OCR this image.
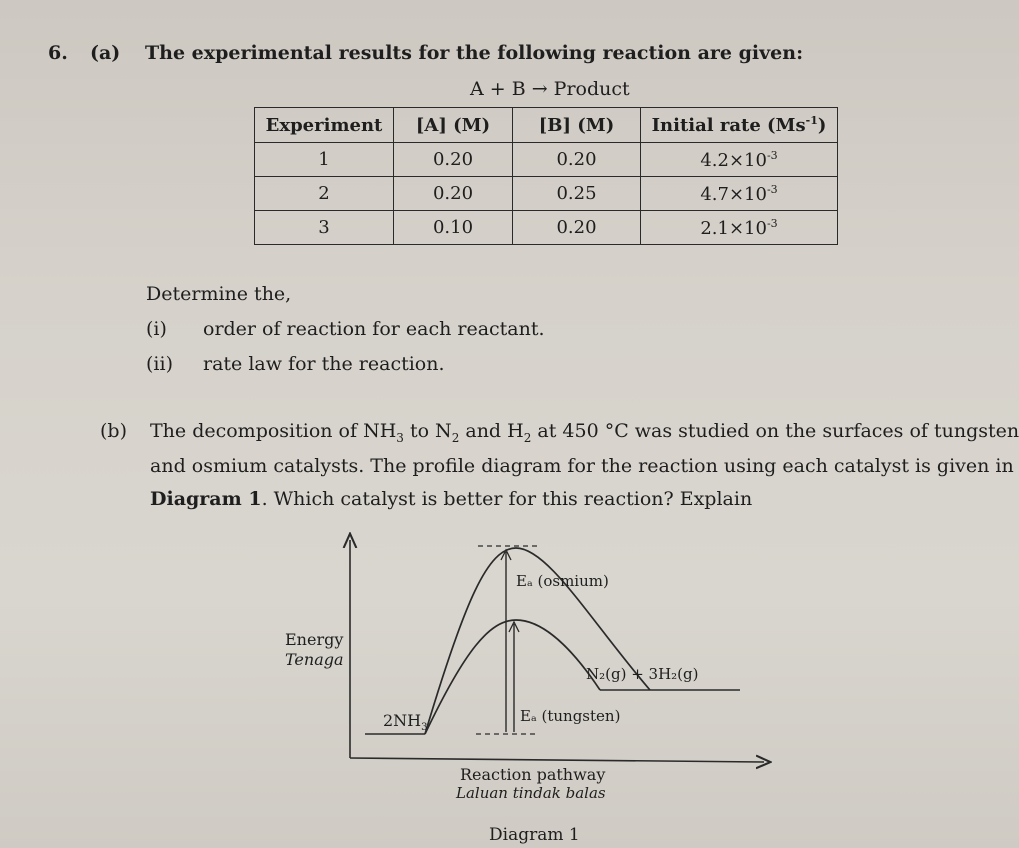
6. (a) The experimental results for the following reaction are given:
A + B → Product
Experiment	[A] (M)	[B] (M)	Initial rate $(Ms^{-1})$
1	0.20	0.20	$4.2\times 10^{-3}$
2	0.20	0.25	$4.7\times 10^{-3}$
3	0.10	0.20	$2.1\times 10^{-3}$
Determine the,
(i) order of reaction for each reactant.
(ii) rate law for the reaction.
(b) The decomposition of $NH_3$ to $N_2$ and $H_2$ at 450 °C was studied on the surfaces of tungsten
and osmium catalysts. The profile diagram for the reaction using each catalyst is given in
Diagram 1. Which catalyst is better for this reaction? Explain
Energy
Tenaga
$2NH_3$
N₂(g) + 3H₂(g)
Eₐ (osmium)
Eₐ (tungsten)
Reaction pathway
Laluan tindak balas
Diagram 1
